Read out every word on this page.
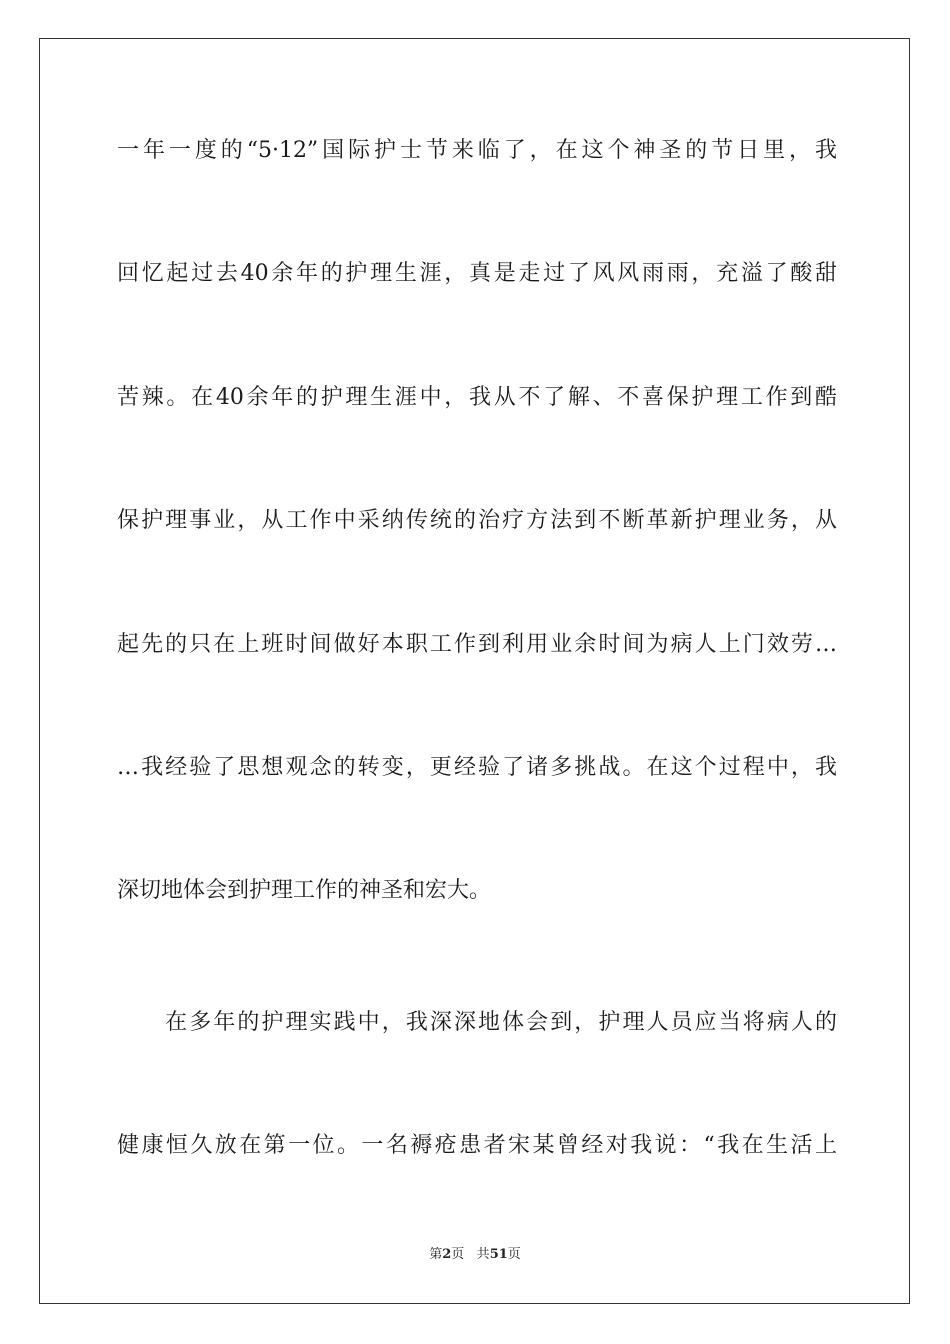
一年一度的“5·12”国际护士节来临了，在这个神圣的节日里，我
回忆起过去40余年的护理生涯，真是走过了风风雨雨，充溢了酸甜
苦辣。在40余年的护理生涯中，我从不了解、不喜保护理工作到酷
保护理事业，从工作中采纳传统的治疗方法到不断革新护理业务，从
起先的只在上班时间做好本职工作到利用业余时间为病人上门效劳…
…我经验了思想观念的转变，更经验了诸多挑战。在这个过程中，我
深切地体会到护理工作的神圣和宏大。
　　在多年的护理实践中，我深深地体会到，护理人员应当将病人的
健康恒久放在第一位。一名褥疮患者宋某曾经对我说：“我在生活上
第2页 共51页
